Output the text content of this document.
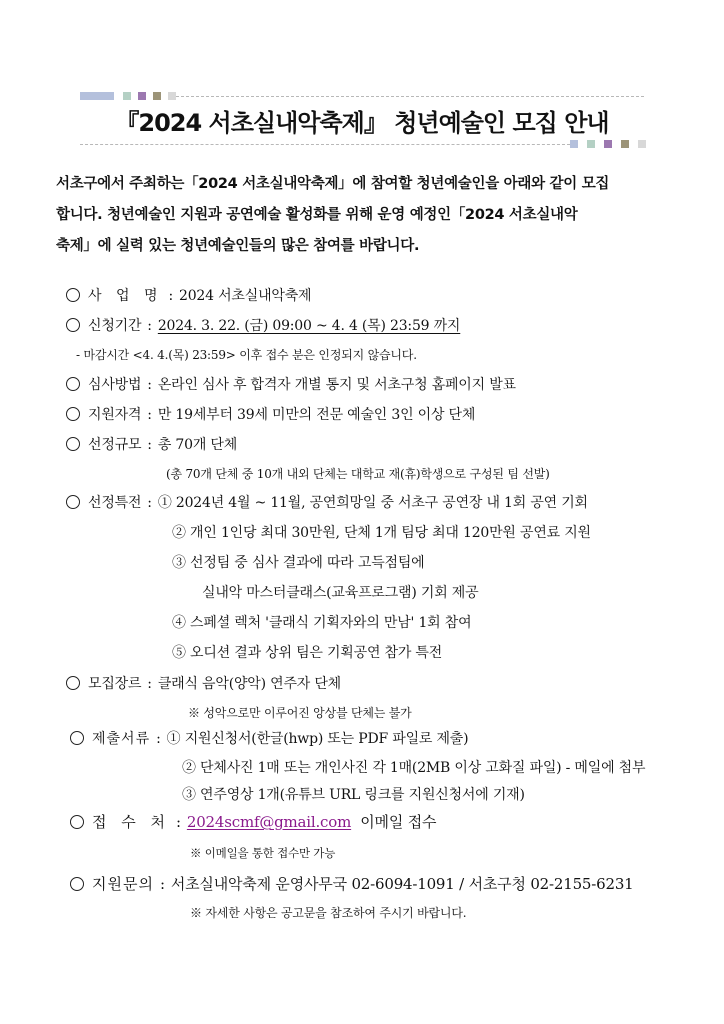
『2024 서초실내악축제』 청년예술인 모집 안내
서초구에서 주최하는「2024 서초실내악축제」에 참여할 청년예술인을 아래와 같이 모집
합니다. 청년예술인 지원과 공연예술 활성화를 위해 운영 예정인「2024 서초실내악
축제」에 실력 있는 청년예술인들의 많은 참여를 바랍니다.
사 업 명 : 2024 서초실내악축제
신청기간 : 2024. 3. 22. (금) 09:00 ~ 4. 4 (목) 23:59 까지
- 마감시간 <4. 4.(목) 23:59> 이후 접수 분은 인정되지 않습니다.
심사방법 : 온라인 심사 후 합격자 개별 통지 및 서초구청 홈페이지 발표
지원자격 : 만 19세부터 39세 미만의 전문 예술인 3인 이상 단체
선정규모 : 총 70개 단체
(총 70개 단체 중 10개 내외 단체는 대학교 재(휴)학생으로 구성된 팀 선발)
선정특전 : ① 2024년 4월 ~ 11월, 공연희망일 중 서초구 공연장 내 1회 공연 기회
② 개인 1인당 최대 30만원, 단체 1개 팀당 최대 120만원 공연료 지원
③ 선정팀 중 심사 결과에 따라 고득점팀에
실내악 마스터클래스(교육프로그램) 기회 제공
④ 스페셜 렉처 '클래식 기획자와의 만남' 1회 참여
⑤ 오디션 결과 상위 팀은 기획공연 참가 특전
모집장르 : 클래식 음악(양악) 연주자 단체
※ 성악으로만 이루어진 앙상블 단체는 불가
제출서류 : ① 지원신청서(한글(hwp) 또는 PDF 파일로 제출)
② 단체사진 1매 또는 개인사진 각 1매(2MB 이상 고화질 파일) - 메일에 첨부
③ 연주영상 1개(유튜브 URL 링크를 지원신청서에 기재)
접 수 처 : 2024scmf@gmail.com 이메일 접수
※ 이메일을 통한 접수만 가능
지원문의 : 서초실내악축제 운영사무국 02-6094-1091 / 서초구청 02-2155-6231
※ 자세한 사항은 공고문을 참조하여 주시기 바랍니다.
